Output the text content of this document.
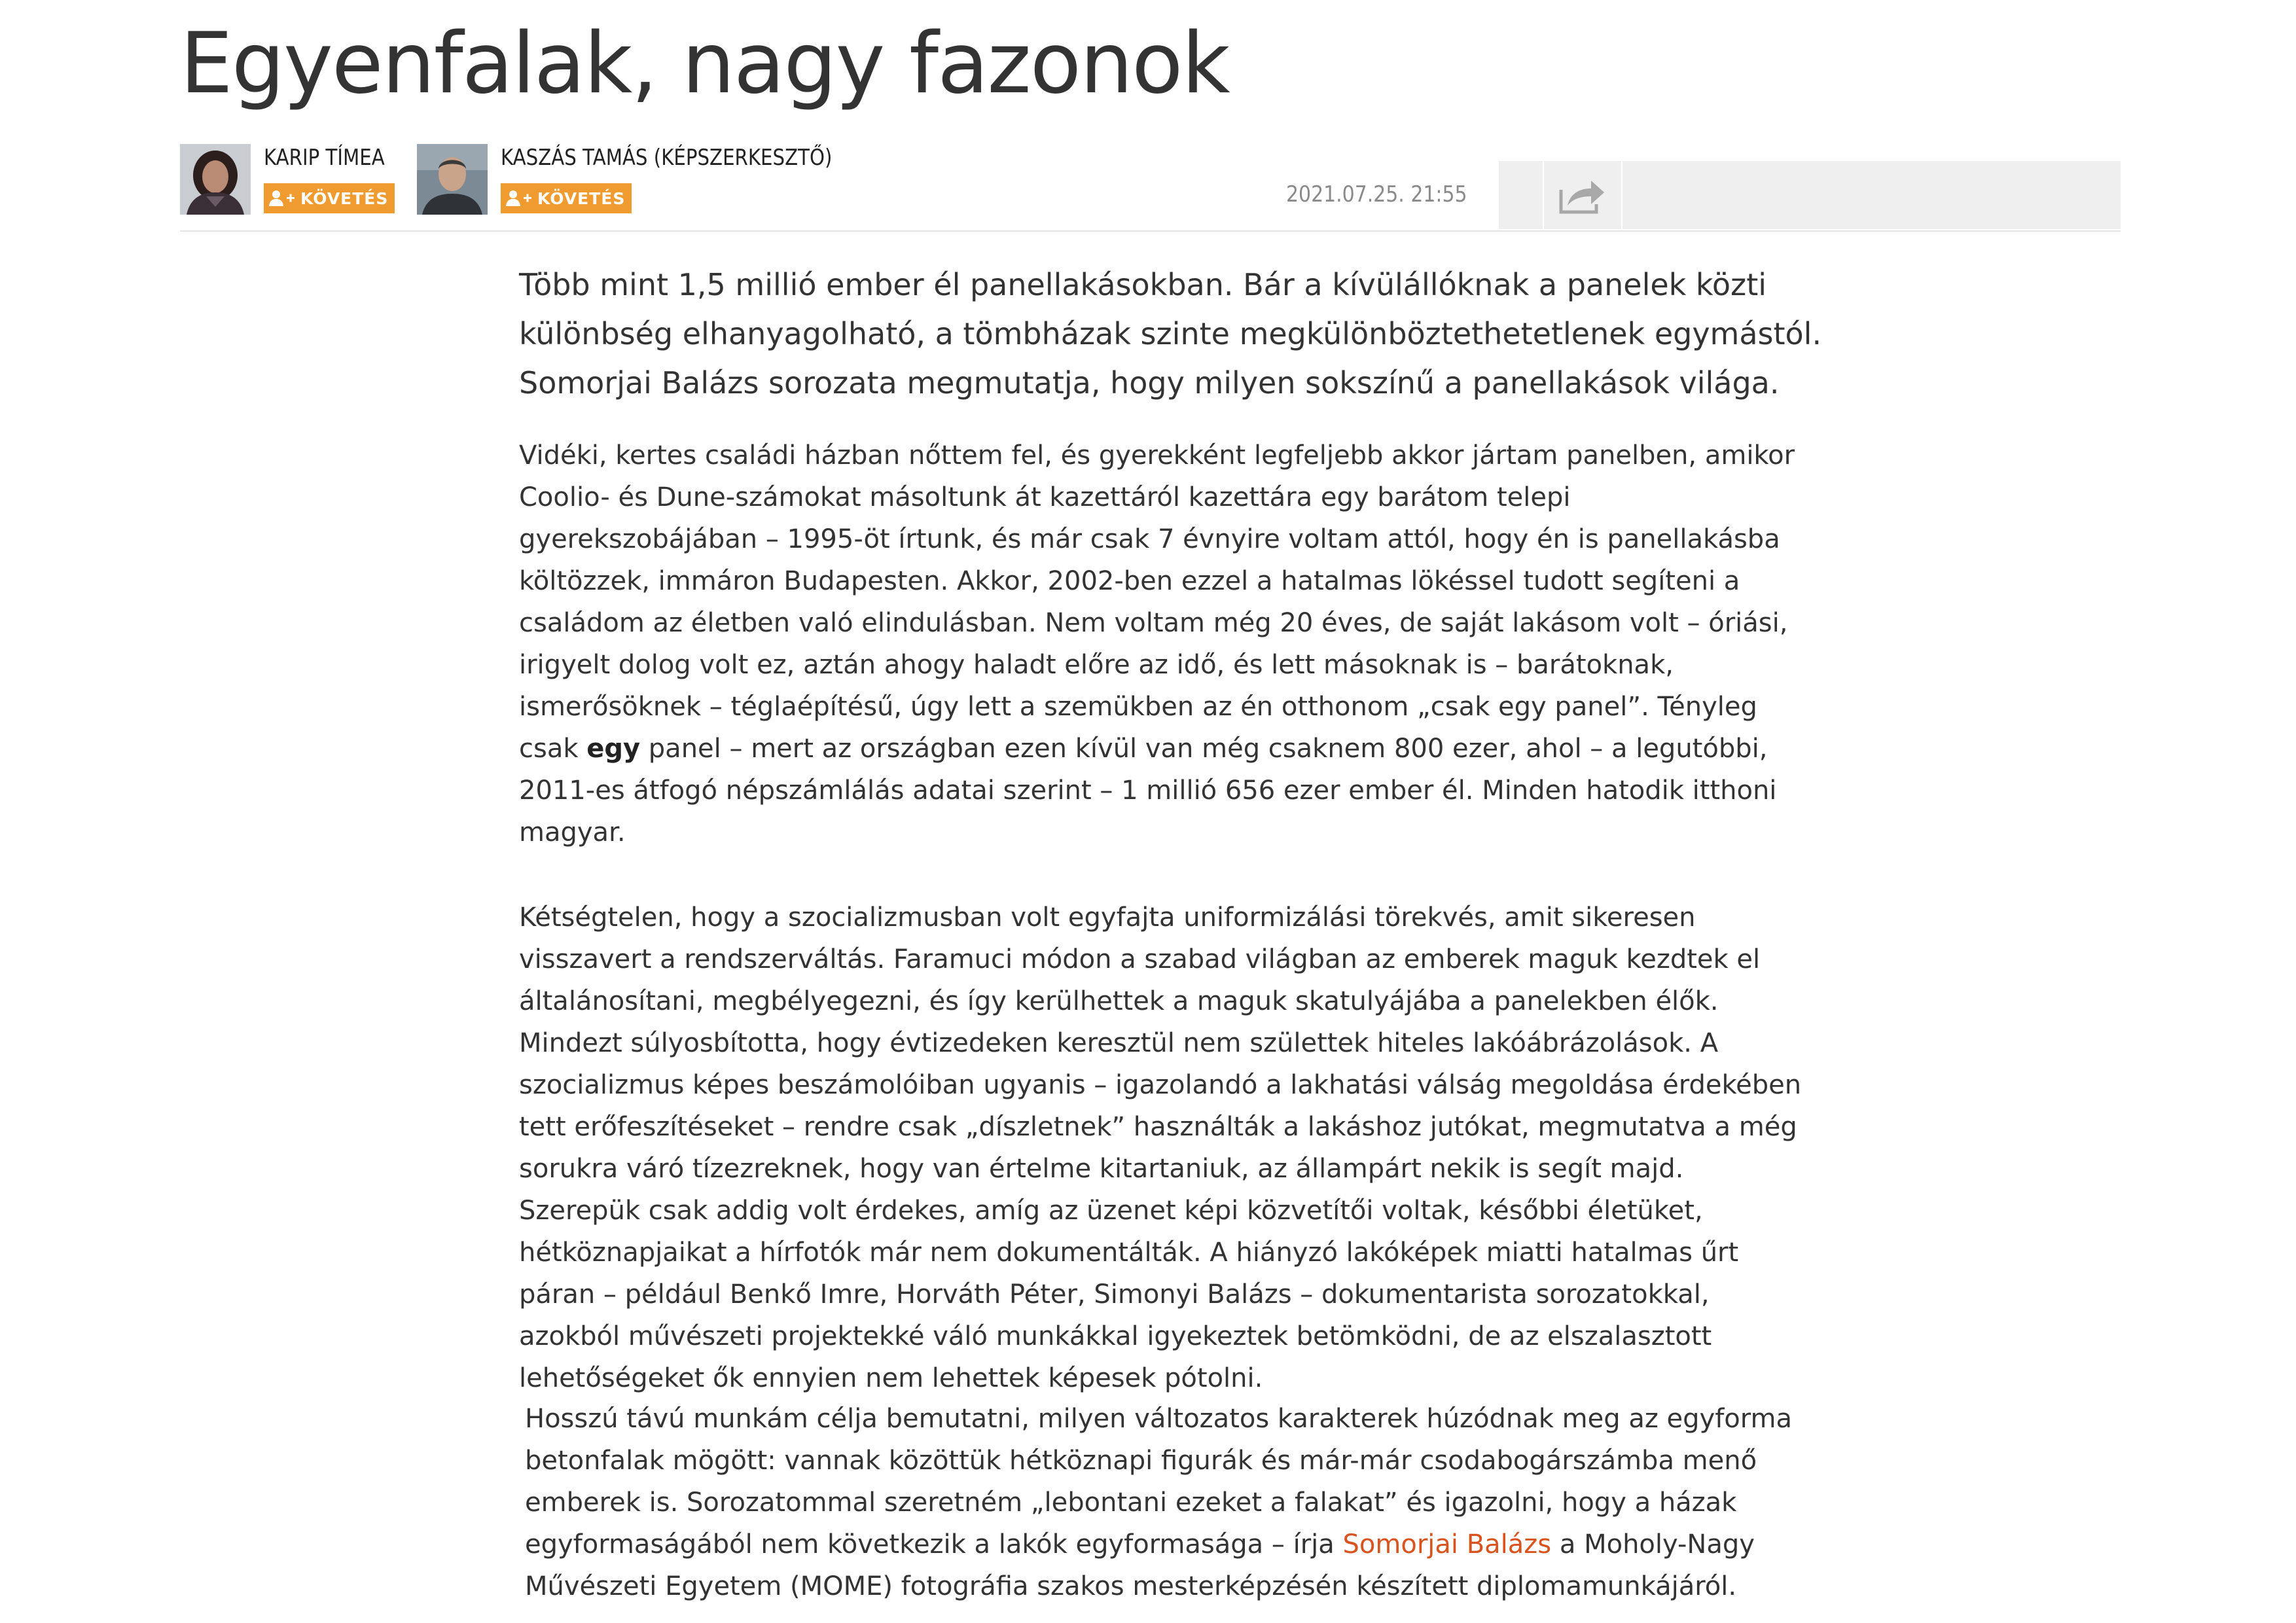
Egyenfalak, nagy fazonok
KARIP TÍMEA
KÖVETÉS
KASZÁS TAMÁS (KÉPSZERKESZTŐ)
KÖVETÉS	2021.07.25. 21:55

Több mint 1,5 millió ember él panellakásokban. Bár a kívülállóknak a panelek közti különbség elhanyagolható, a tömbházak szinte megkülönböztethetetlenek egymástól. Somorjai Balázs sorozata megmutatja, hogy milyen sokszínű a panellakások világa.

Vidéki, kertes családi házban nőttem fel, és gyerekként legfeljebb akkor jártam panelben, amikor Coolio- és Dune-számokat másoltunk át kazettáról kazettára egy barátom telepi gyerekszobájában – 1995-öt írtunk, és már csak 7 évnyire voltam attól, hogy én is panellakásba költözzek, immáron Budapesten. Akkor, 2002-ben ezzel a hatalmas lökéssel tudott segíteni a családom az életben való elindulásban. Nem voltam még 20 éves, de saját lakásom volt – óriási, irigyelt dolog volt ez, aztán ahogy haladt előre az idő, és lett másoknak is – barátoknak, ismerősöknek – téglaépítésű, úgy lett a szemükben az én otthonom „csak egy panel”. Tényleg csak egy panel – mert az országban ezen kívül van még csaknem 800 ezer, ahol – a legutóbbi, 2011-es átfogó népszámlálás adatai szerint – 1 millió 656 ezer ember él. Minden hatodik itthoni magyar.

Kétségtelen, hogy a szocializmusban volt egyfajta uniformizálási törekvés, amit sikeresen visszavert a rendszerváltás. Faramuci módon a szabad világban az emberek maguk kezdtek el általánosítani, megbélyegezni, és így kerülhettek a maguk skatulyájába a panelekben élők. Mindezt súlyosbította, hogy évtizedeken keresztül nem születtek hiteles lakóábrázolások. A szocializmus képes beszámolóiban ugyanis – igazolandó a lakhatási válság megoldása érdekében tett erőfeszítéseket – rendre csak „díszletnek” használták a lakáshoz jutókat, megmutatva a még sorukra váró tízezreknek, hogy van értelme kitartaniuk, az állampárt nekik is segít majd. Szerepük csak addig volt érdekes, amíg az üzenet képi közvetítői voltak, későbbi életüket, hétköznapjaikat a hírfotók már nem dokumentálták. A hiányzó lakóképek miatti hatalmas űrt páran – például Benkő Imre, Horváth Péter, Simonyi Balázs – dokumentarista sorozatokkal, azokból művészeti projektekké váló munkákkal igyekeztek betömködni, de az elszalasztott lehetőségeket ők ennyien nem lehettek képesek pótolni.

Hosszú távú munkám célja bemutatni, milyen változatos karakterek húzódnak meg az egyforma betonfalak mögött: vannak közöttük hétköznapi figurák és már-már csodabogárszámba menő emberek is. Sorozatommal szeretném „lebontani ezeket a falakat” és igazolni, hogy a házak egyformaságából nem következik a lakók egyformasága – írja Somorjai Balázs a Moholy-Nagy Művészeti Egyetem (MOME) fotográfia szakos mesterképzésén készített diplomamunkájáról.
